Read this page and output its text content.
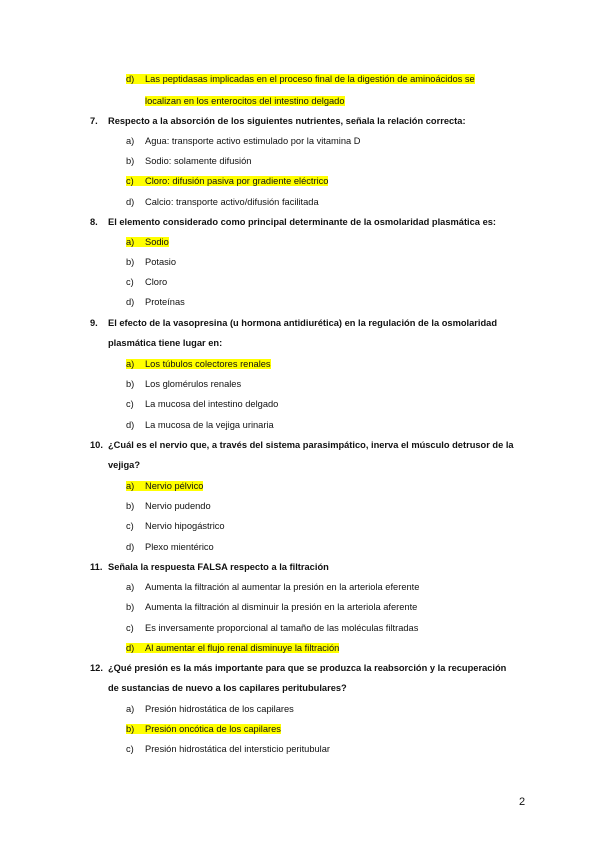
d) Las peptidasas implicadas en el proceso final de la digestión de aminoácidos se
localizan en los enterocitos del intestino delgado
7. Respecto a la absorción de los siguientes nutrientes, señala la relación correcta:
a) Agua: transporte activo estimulado por la vitamina D
b) Sodio: solamente difusión
c) Cloro: difusión pasiva por gradiente eléctrico
d) Calcio: transporte activo/difusión facilitada
8. El elemento considerado como principal determinante de la osmolaridad plasmática es:
a) Sodio
b) Potasio
c) Cloro
d) Proteínas
9. El efecto de la vasopresina (u hormona antidiurética) en la regulación de la osmolaridad
plasmática tiene lugar en:
a) Los túbulos colectores renales
b) Los glomérulos renales
c) La mucosa del intestino delgado
d) La mucosa de la vejiga urinaria
10. ¿Cuál es el nervio que, a través del sistema parasimpático, inerva el músculo detrusor de la
vejiga?
a) Nervio pélvico
b) Nervio pudendo
c) Nervio hipogástrico
d) Plexo mientérico
11. Señala la respuesta FALSA respecto a la filtración
a) Aumenta la filtración al aumentar la presión en la arteriola eferente
b) Aumenta la filtración al disminuir la presión en la arteriola aferente
c) Es inversamente proporcional al tamaño de las moléculas filtradas
d) Al aumentar el flujo renal disminuye la filtración
12. ¿Qué presión es la más importante para que se produzca la reabsorción y la recuperación
de sustancias de nuevo a los capilares peritubulares?
a) Presión hidrostática de los capilares
b) Presión oncótica de los capilares
c) Presión hidrostática del intersticio peritubular
2
